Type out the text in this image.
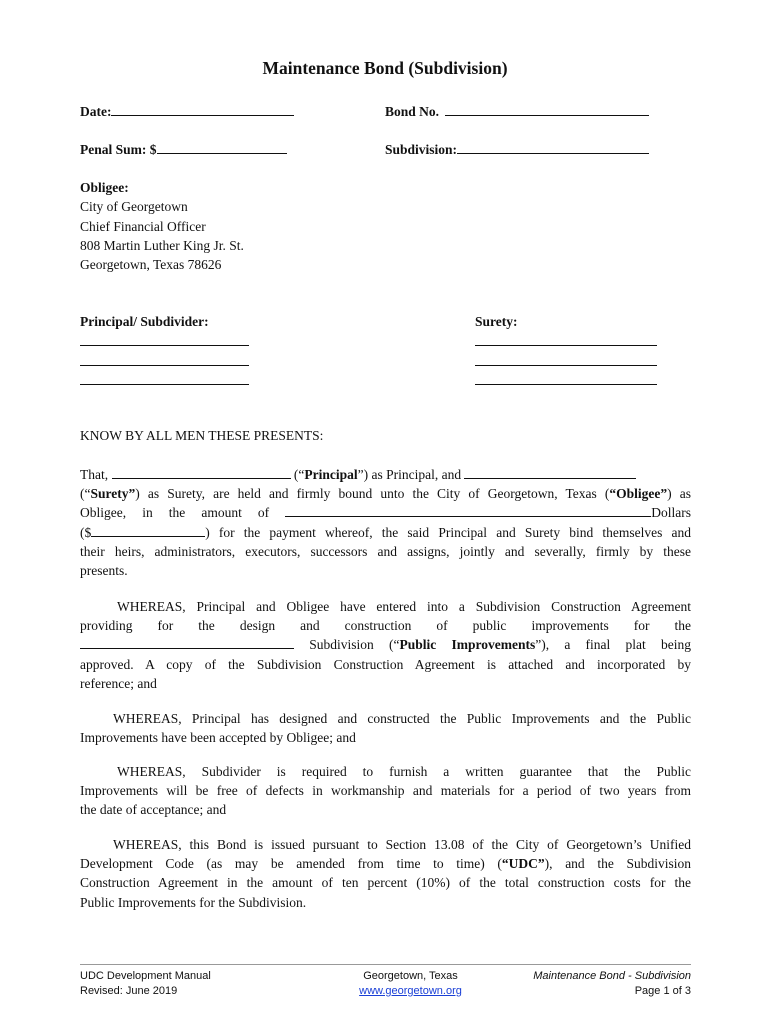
Maintenance Bond (Subdivision)
Date:	Bond No.
Penal Sum: $	Subdivision:
Obligee:
City of Georgetown
Chief Financial Officer
808 Martin Luther King Jr. St.
Georgetown, Texas 78626
Principal/ Subdivider:	Surety:
KNOW BY ALL MEN THESE PRESENTS:
That,	(“Principal”) as Principal, and
(“Surety”) as Surety, are held and firmly bound unto the City of Georgetown, Texas (“Obligee”) as
Obligee, in the amount of	Dollars
($	) for the payment whereof, the said Principal and Surety bind themselves and
their heirs, administrators, executors, successors and assigns, jointly and severally, firmly by these
presents.
WHEREAS, Principal and Obligee have entered into a Subdivision Construction Agreement
providing for the design and construction of public improvements for the
Subdivision (“Public Improvements”), a final plat being
approved. A copy of the Subdivision Construction Agreement is attached and incorporated by
reference; and
WHEREAS, Principal has designed and constructed the Public Improvements and the Public
Improvements have been accepted by Obligee; and
WHEREAS, Subdivider is required to furnish a written guarantee that the Public
Improvements will be free of defects in workmanship and materials for a period of two years from
the date of acceptance; and
WHEREAS, this Bond is issued pursuant to Section 13.08 of the City of Georgetown’s Unified
Development Code (as may be amended from time to time) (“UDC”), and the Subdivision
Construction Agreement in the amount of ten percent (10%) of the total construction costs for the
Public Improvements for the Subdivision.
UDC Development Manual
Revised: June 2019
Georgetown, Texas
www.georgetown.org
Maintenance Bond - Subdivision
Page 1 of 3
